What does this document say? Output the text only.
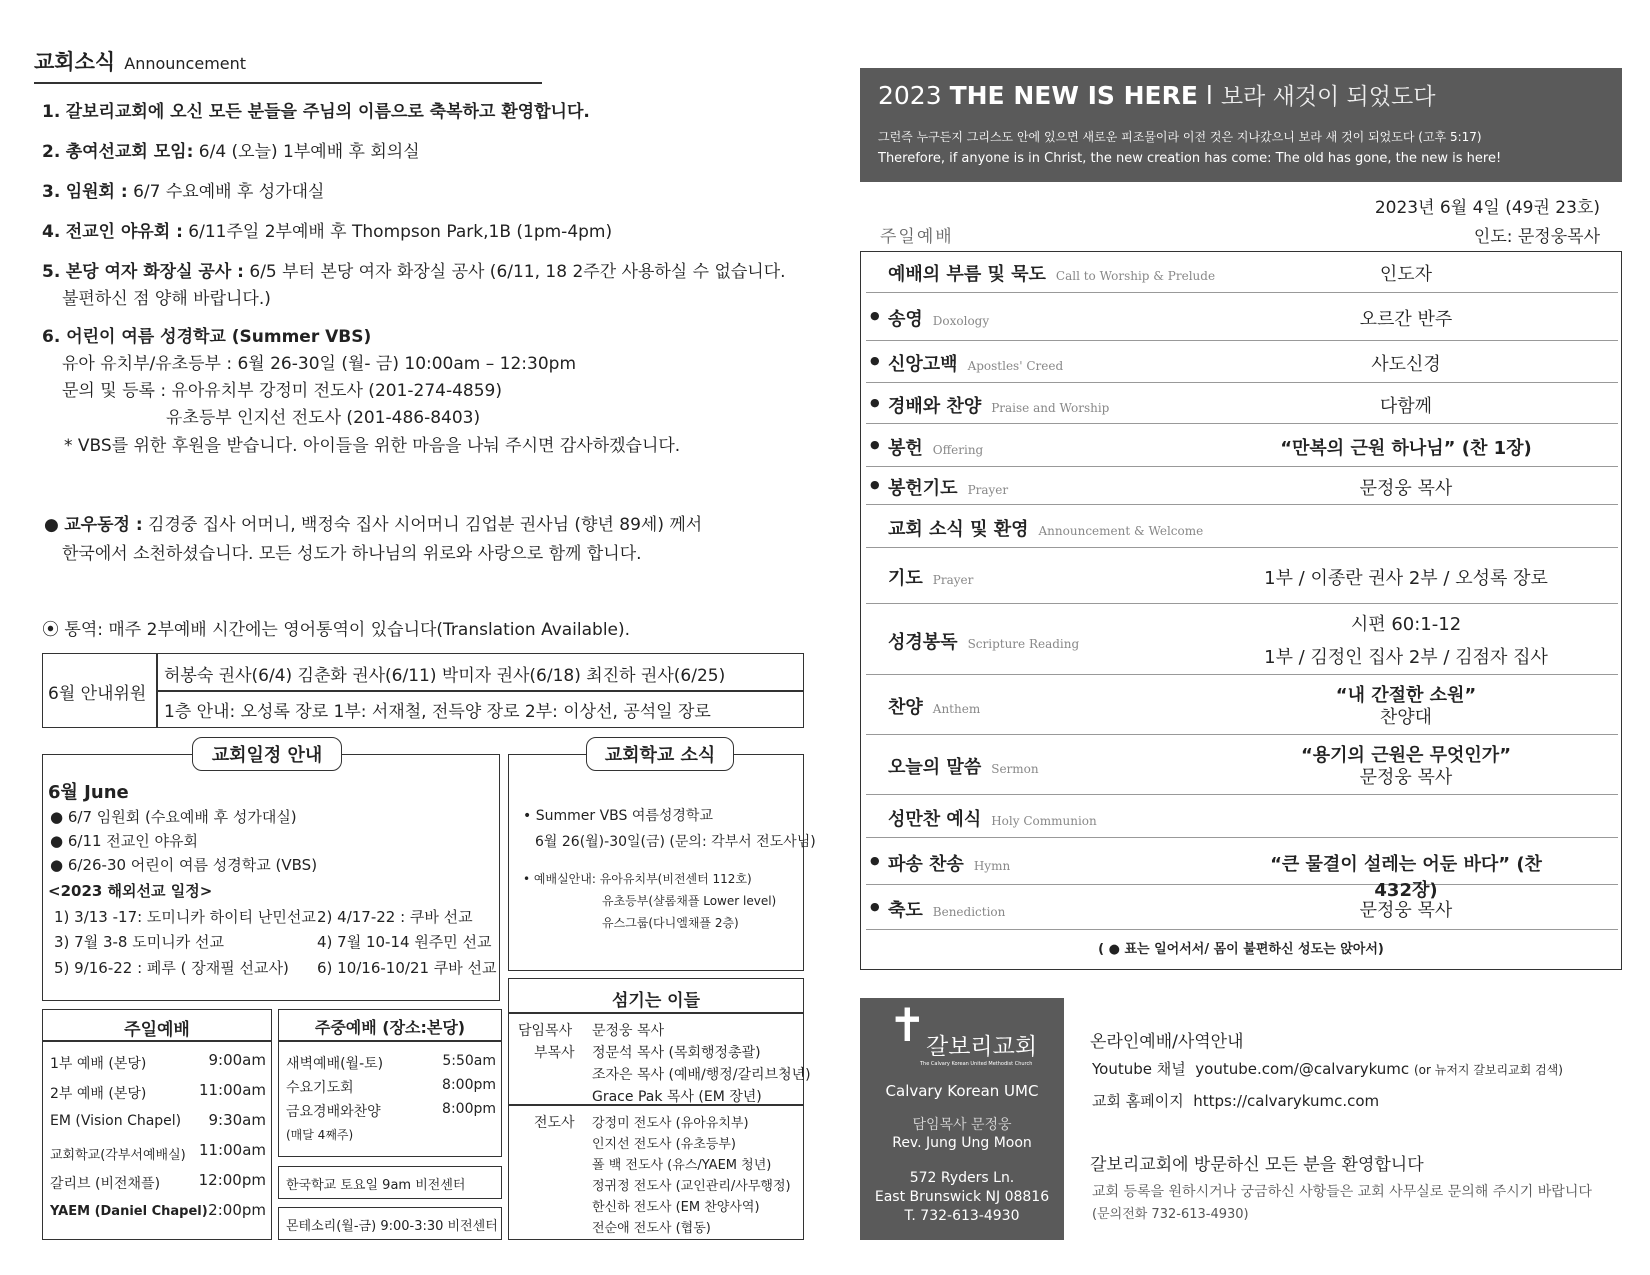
교회소식 Announcement
1. 갈보리교회에 오신 모든 분들을 주님의 이름으로 축복하고 환영합니다.
2. 총여선교회 모임: 6/4 (오늘) 1부예배 후 회의실
3. 임원회 : 6/7 수요예배 후 성가대실
4. 전교인 야유회 : 6/11주일 2부예배 후 Thompson Park,1B (1pm-4pm)
5. 본당 여자 화장실 공사 : 6/5 부터 본당 여자 화장실 공사 (6/11, 18 2주간 사용하실 수 없습니다.
불편하신 점 양해 바랍니다.)
6. 어린이 여름 성경학교 (Summer VBS)
유아 유치부/유초등부 : 6월 26-30일 (월- 금) 10:00am – 12:30pm
문의 및 등록 : 유아유치부 강정미 전도사 (201-274-4859)
유초등부 인지선 전도사 (201-486-8403)
* VBS를 위한 후원을 받습니다. 아이들을 위한 마음을 나눠 주시면 감사하겠습니다.
● 교우동정 : 김경중 집사 어머니, 백정숙 집사 시어머니 김업분 권사님 (향년 89세) 께서
한국에서 소천하셨습니다. 모든 성도가 하나님의 위로와 사랑으로 함께 합니다.
⦿ 통역: 매주 2부예배 시간에는 영어통역이 있습니다(Translation Available).
6월 안내위원
허봉숙 권사(6/4) 김춘화 권사(6/11) 박미자 권사(6/18) 최진하 권사(6/25)
1층 안내: 오성록 장로 1부: 서재철, 전득양 장로 2부: 이상선, 공석일 장로
교회일정 안내
6월 June
● 6/7 임원회 (수요예배 후 성가대실)
● 6/11 전교인 야유회
● 6/26-30 어린이 여름 성경학교 (VBS)
<2023 해외선교 일정>
1) 3/13 -17: 도미니카 하이티 난민선교 2) 4/17-22 : 쿠바 선교
3) 7월 3-8 도미니카 선교	4) 7월 10-14 원주민 선교
5) 9/16-22 : 페루 ( 장재필 선교사) 6) 10/16-10/21 쿠바 선교
교회학교 소식
• Summer VBS 여름성경학교
6월 26(월)-30일(금) (문의: 각부서 전도사님)
• 예배실안내: 유아유치부(비전센터 112호)
유초등부(샬롬채플 Lower level)
유스그룹(다니엘채플 2층)
섬기는 이들
담임목사 문정웅 목사
부목사 정문석 목사 (목회행정총괄)
조자은 목사 (예배/행정/갈리브청년)
Grace Pak 목사 (EM 장년)
전도사 강정미 전도사 (유아유치부)
인지선 전도사 (유초등부)
폴 백 전도사 (유스/YAEM 청년)
정귀정 전도사 (교인관리/사무행정)
한신하 전도사 (EM 찬양사역)
전순애 전도사 (협동)
주일예배
1부 예배 (본당)	9:00am
2부 예배 (본당)	11:00am
EM (Vision Chapel)	9:30am
교회학교(각부서예배실) 11:00am
갈리브 (비전채플)	12:00pm
YAEM (Daniel Chapel) 2:00pm
주중예배 (장소:본당)
새벽예배(월-토)	5:50am
수요기도회	8:00pm
금요경배와찬양	8:00pm
(매달 4째주)
한국학교 토요일 9am 비전센터
몬테소리(월-금) 9:00-3:30 비전센터
2023 THE NEW IS HERE l 보라 새것이 되었도다
그런즉 누구든지 그리스도 안에 있으면 새로운 피조물이라 이전 것은 지나갔으니 보라 새 것이 되었도다 (고후 5:17)
Therefore, if anyone is in Christ, the new creation has come: The old has gone, the new is here!
2023년 6월 4일 (49권 23호)
인도: 문정웅목사
주일예배
예배의 부름 및 묵도 Call to Worship & Prelude	인도자
● 송영 Doxology	오르간 반주
● 신앙고백 Apostles' Creed	사도신경
● 경배와 찬양 Praise and Worship	다함께
● 봉헌 Offering	“만복의 근원 하나님” (찬 1장)
● 봉헌기도 Prayer	문정웅 목사
교회 소식 및 환영 Announcement & Welcome
기도 Prayer	1부 / 이종란 권사 2부 / 오성록 장로
성경봉독 Scripture Reading
시편 60:1-12
1부 / 김정인 집사 2부 / 김점자 집사
찬양 Anthem
“내 간절한 소원”
찬양대
오늘의 말씀 Sermon
“용기의 근원은 무엇인가”
문정웅 목사
성만찬 예식 Holy Communion
● 파송 찬송 Hymn	“큰 물결이 설레는 어둔 바다” (찬 432장)
● 축도 Benediction	문정웅 목사
( ● 표는 일어서서/ 몸이 불편하신 성도는 앉아서)
✝ 갈보리교회
The Calvary Korean United Methodist Church
Calvary Korean UMC
담임목사 문정웅
Rev. Jung Ung Moon
572 Ryders Ln.
East Brunswick NJ 08816
T. 732-613-4930
온라인예배/사역안내
Youtube 채널 youtube.com/@calvarykumc (or 뉴저지 갈보리교회 검색)
교회 홈페이지 https://calvarykumc.com
갈보리교회에 방문하신 모든 분을 환영합니다
교회 등록을 원하시거나 궁금하신 사항들은 교회 사무실로 문의해 주시기 바랍니다
(문의전화 732-613-4930)
